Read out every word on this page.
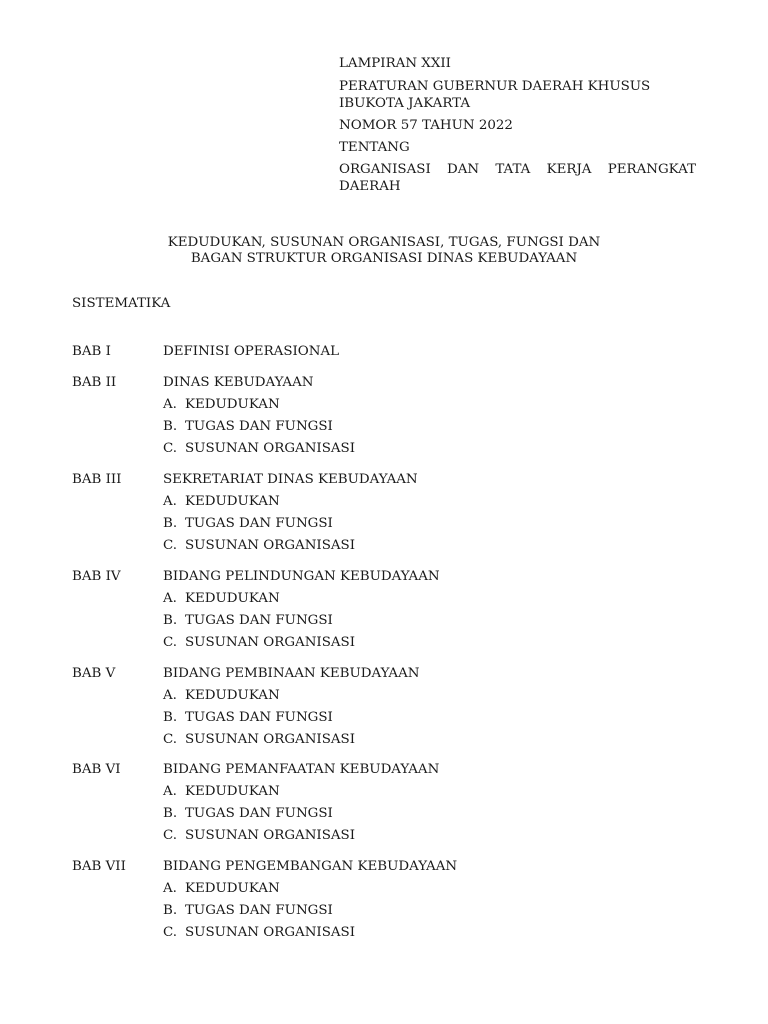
LAMPIRAN XXII
PERATURAN GUBERNUR DAERAH KHUSUS
IBUKOTA JAKARTA
NOMOR 57 TAHUN 2022
TENTANG
ORGANISASI DAN TATA KERJA PERANGKAT
DAERAH
KEDUDUKAN, SUSUNAN ORGANISASI, TUGAS, FUNGSI DAN
BAGAN STRUKTUR ORGANISASI DINAS KEBUDAYAAN
SISTEMATIKA
BAB I	DEFINISI OPERASIONAL
BAB II	DINAS KEBUDAYAAN
A. KEDUDUKAN
B. TUGAS DAN FUNGSI
C. SUSUNAN ORGANISASI
BAB III	SEKRETARIAT DINAS KEBUDAYAAN
A. KEDUDUKAN
B. TUGAS DAN FUNGSI
C. SUSUNAN ORGANISASI
BAB IV	BIDANG PELINDUNGAN KEBUDAYAAN
A. KEDUDUKAN
B. TUGAS DAN FUNGSI
C. SUSUNAN ORGANISASI
BAB V	BIDANG PEMBINAAN KEBUDAYAAN
A. KEDUDUKAN
B. TUGAS DAN FUNGSI
C. SUSUNAN ORGANISASI
BAB VI	BIDANG PEMANFAATAN KEBUDAYAAN
A. KEDUDUKAN
B. TUGAS DAN FUNGSI
C. SUSUNAN ORGANISASI
BAB VII	BIDANG PENGEMBANGAN KEBUDAYAAN
A. KEDUDUKAN
B. TUGAS DAN FUNGSI
C. SUSUNAN ORGANISASI
